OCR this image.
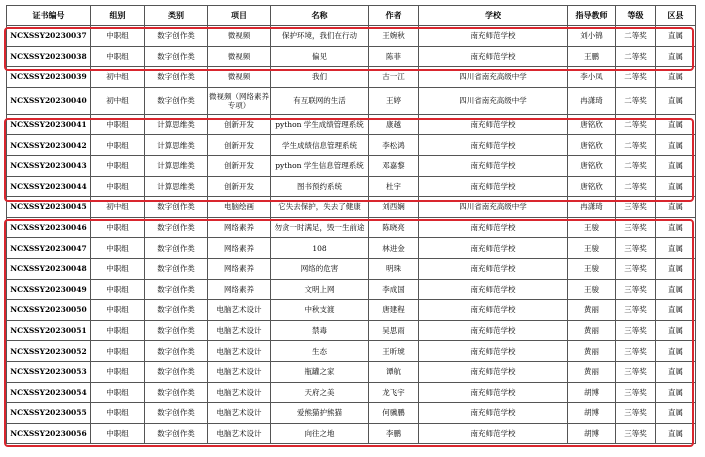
证书编号	组别	类别	项目	名称	作者	学校	指导教师	等级	区县
NCXSSY20230037	中职组	数字创作类	微视频	保护环境，我们在行动	王婉秋	南充师范学校	刘小锦	二等奖	直属
NCXSSY20230038	中职组	数字创作类	微视频	偏见	陈菲	南充师范学校	王鹏	二等奖	直属
NCXSSY20230039	初中组	数字创作类	微视频	我们	古一江	四川省南充高级中学	李小凤	二等奖	直属
NCXSSY20230040	初中组	数字创作类	微视频（网络素养专项）	有互联网的生活	王婷	四川省南充高级中学	冉潇琦	二等奖	直属
NCXSSY20230041	中职组	计算思维类	创新开发	python 学生成绩管理系统	康越	南充师范学校	唐铭欣	二等奖	直属
NCXSSY20230042	中职组	计算思维类	创新开发	学生成绩信息管理系统	李松鸿	南充师范学校	唐铭欣	二等奖	直属
NCXSSY20230043	中职组	计算思维类	创新开发	python 学生信息管理系统	邓嘉黎	南充师范学校	唐铭欣	二等奖	直属
NCXSSY20230044	中职组	计算思维类	创新开发	图书预约系统	杜宇	南充师范学校	唐铭欣	二等奖	直属
NCXSSY20230045	初中组	数字创作类	电脑绘画	它失去保护，失去了健康	刘西娴	四川省南充高级中学	冉潇琦	三等奖	直属
NCXSSY20230046	中职组	数字创作类	网络素养	勿贪一时满足，毁一生前途	陈晓亮	南充师范学校	王骏	三等奖	直属
NCXSSY20230047	中职组	数字创作类	网络素养	108	林进金	南充师范学校	王骏	三等奖	直属
NCXSSY20230048	中职组	数字创作类	网络素养	网络的危害	明珠	南充师范学校	王骏	三等奖	直属
NCXSSY20230049	中职组	数字创作类	网络素养	文明上网	李成国	南充师范学校	王骏	三等奖	直属
NCXSSY20230050	中职组	数字创作类	电脑艺术设计	中秋支渡	唐建程	南充师范学校	黄丽	三等奖	直属
NCXSSY20230051	中职组	数字创作类	电脑艺术设计	禁毒	吴思雨	南充师范学校	黄丽	三等奖	直属
NCXSSY20230052	中职组	数字创作类	电脑艺术设计	生态	王昕琥	南充师范学校	黄丽	三等奖	直属
NCXSSY20230053	中职组	数字创作类	电脑艺术设计	瓶罐之家	谭航	南充师范学校	黄丽	三等奖	直属
NCXSSY20230054	中职组	数字创作类	电脑艺术设计	天府之美	龙飞宇	南充师范学校	胡博	三等奖	直属
NCXSSY20230055	中职组	数字创作类	电脑艺术设计	爱熊猫护熊猫	何骥鹏	南充师范学校	胡博	三等奖	直属
NCXSSY20230056	中职组	数字创作类	电脑艺术设计	向往之地	李鹏	南充师范学校	胡博	三等奖	直属
